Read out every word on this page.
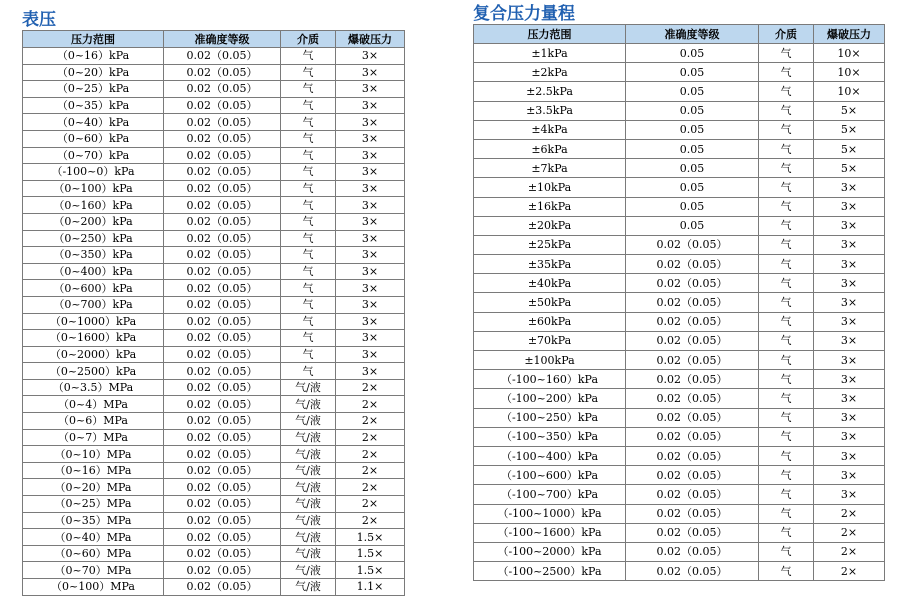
表压
压力范围	准确度等级	介质	爆破压力
（0~16）kPa	0.02（0.05）	气	3×
（0~20）kPa	0.02（0.05）	气	3×
（0~25）kPa	0.02（0.05）	气	3×
（0~35）kPa	0.02（0.05）	气	3×
（0~40）kPa	0.02（0.05）	气	3×
（0~60）kPa	0.02（0.05）	气	3×
（0~70）kPa	0.02（0.05）	气	3×
（-100~0）kPa	0.02（0.05）	气	3×
（0~100）kPa	0.02（0.05）	气	3×
（0~160）kPa	0.02（0.05）	气	3×
（0~200）kPa	0.02（0.05）	气	3×
（0~250）kPa	0.02（0.05）	气	3×
（0~350）kPa	0.02（0.05）	气	3×
（0~400）kPa	0.02（0.05）	气	3×
（0~600）kPa	0.02（0.05）	气	3×
（0~700）kPa	0.02（0.05）	气	3×
（0~1000）kPa	0.02（0.05）	气	3×
（0~1600）kPa	0.02（0.05）	气	3×
（0~2000）kPa	0.02（0.05）	气	3×
（0~2500）kPa	0.02（0.05）	气	3×
（0~3.5）MPa	0.02（0.05）	气/液	2×
（0~4）MPa	0.02（0.05）	气/液	2×
（0~6）MPa	0.02（0.05）	气/液	2×
（0~7）MPa	0.02（0.05）	气/液	2×
（0~10）MPa	0.02（0.05）	气/液	2×
（0~16）MPa	0.02（0.05）	气/液	2×
（0~20）MPa	0.02（0.05）	气/液	2×
（0~25）MPa	0.02（0.05）	气/液	2×
（0~35）MPa	0.02（0.05）	气/液	2×
（0~40）MPa	0.02（0.05）	气/液	1.5×
（0~60）MPa	0.02（0.05）	气/液	1.5×
（0~70）MPa	0.02（0.05）	气/液	1.5×
（0~100）MPa	0.02（0.05）	气/液	1.1×
复合压力量程
压力范围	准确度等级	介质	爆破压力
±1kPa	0.05	气	10×
±2kPa	0.05	气	10×
±2.5kPa	0.05	气	10×
±3.5kPa	0.05	气	5×
±4kPa	0.05	气	5×
±6kPa	0.05	气	5×
±7kPa	0.05	气	5×
±10kPa	0.05	气	3×
±16kPa	0.05	气	3×
±20kPa	0.05	气	3×
±25kPa	0.02（0.05）	气	3×
±35kPa	0.02（0.05）	气	3×
±40kPa	0.02（0.05）	气	3×
±50kPa	0.02（0.05）	气	3×
±60kPa	0.02（0.05）	气	3×
±70kPa	0.02（0.05）	气	3×
±100kPa	0.02（0.05）	气	3×
（-100~160）kPa	0.02（0.05）	气	3×
（-100~200）kPa	0.02（0.05）	气	3×
（-100~250）kPa	0.02（0.05）	气	3×
（-100~350）kPa	0.02（0.05）	气	3×
（-100~400）kPa	0.02（0.05）	气	3×
（-100~600）kPa	0.02（0.05）	气	3×
（-100~700）kPa	0.02（0.05）	气	3×
（-100~1000）kPa	0.02（0.05）	气	2×
（-100~1600）kPa	0.02（0.05）	气	2×
（-100~2000）kPa	0.02（0.05）	气	2×
（-100~2500）kPa	0.02（0.05）	气	2×
